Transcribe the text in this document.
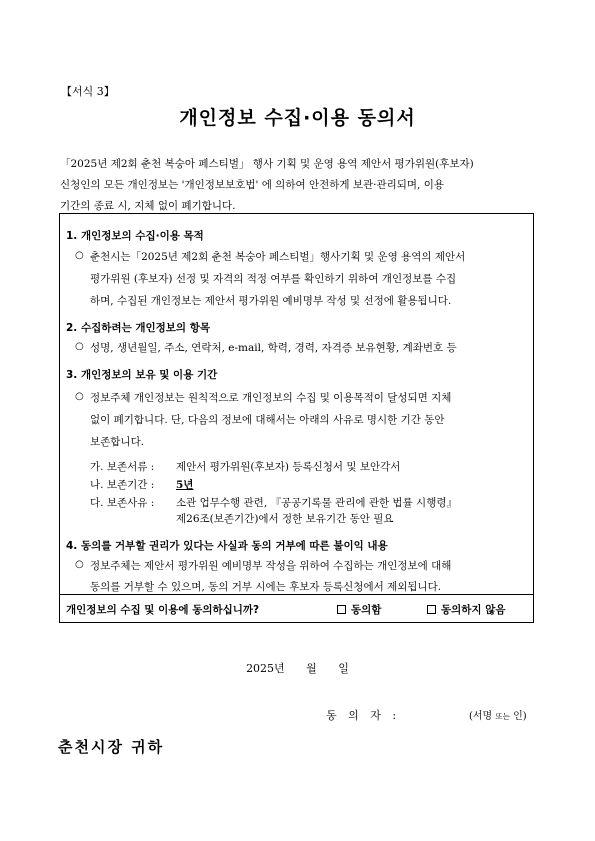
【서식 3】
개인정보 수집·이용 동의서
「2025년 제2회 춘천 복숭아 페스티벌」 행사 기획 및 운영 용역 제안서 평가위원(후보자)
신청인의 모든 개인정보는 '개인정보보호법' 에 의하여 안전하게 보관·관리되며, 이용
기간의 종료 시, 지체 없이 폐기합니다.
1. 개인정보의 수집·이용 목적
○ 춘천시는「2025년 제2회 춘천 복숭아 페스티벌」행사기획 및 운영 용역의 제안서
평가위원 (후보자) 선정 및 자격의 적정 여부를 확인하기 위하여 개인정보를 수집
하며, 수집된 개인정보는 제안서 평가위원 예비명부 작성 및 선정에 활용됩니다.
2. 수집하려는 개인정보의 항목
○ 성명, 생년월일, 주소, 연락처, e-mail, 학력, 경력, 자격증 보유현황, 계좌번호 등
3. 개인정보의 보유 및 이용 기간
○ 정보주체 개인정보는 원칙적으로 개인정보의 수집 및 이용목적이 달성되면 지체
없이 폐기합니다. 단, 다음의 정보에 대해서는 아래의 사유로 명시한 기간 동안
보존합니다.
가. 보존서류 : 제안서 평가위원(후보자) 등록신청서 및 보안각서
나. 보존기간 : 5년
다. 보존사유 : 소관 업무수행 관련, 『공공기록물 관리에 관한 법률 시행령』
제26조(보존기간)에서 정한 보유기간 동안 필요
4. 동의를 거부할 권리가 있다는 사실과 동의 거부에 따른 불이익 내용
○ 정보주체는 제안서 평가위원 예비명부 작성을 위하여 수집하는 개인정보에 대해
동의를 거부할 수 있으며, 동의 거부 시에는 후보자 등록신청에서 제외됩니다.
개인정보의 수집 및 이용에 동의하십니까?	동의함	동의하지 않음
2025년 월 일
동 의 자 :	(서명 또는 인)
춘천시장 귀하
